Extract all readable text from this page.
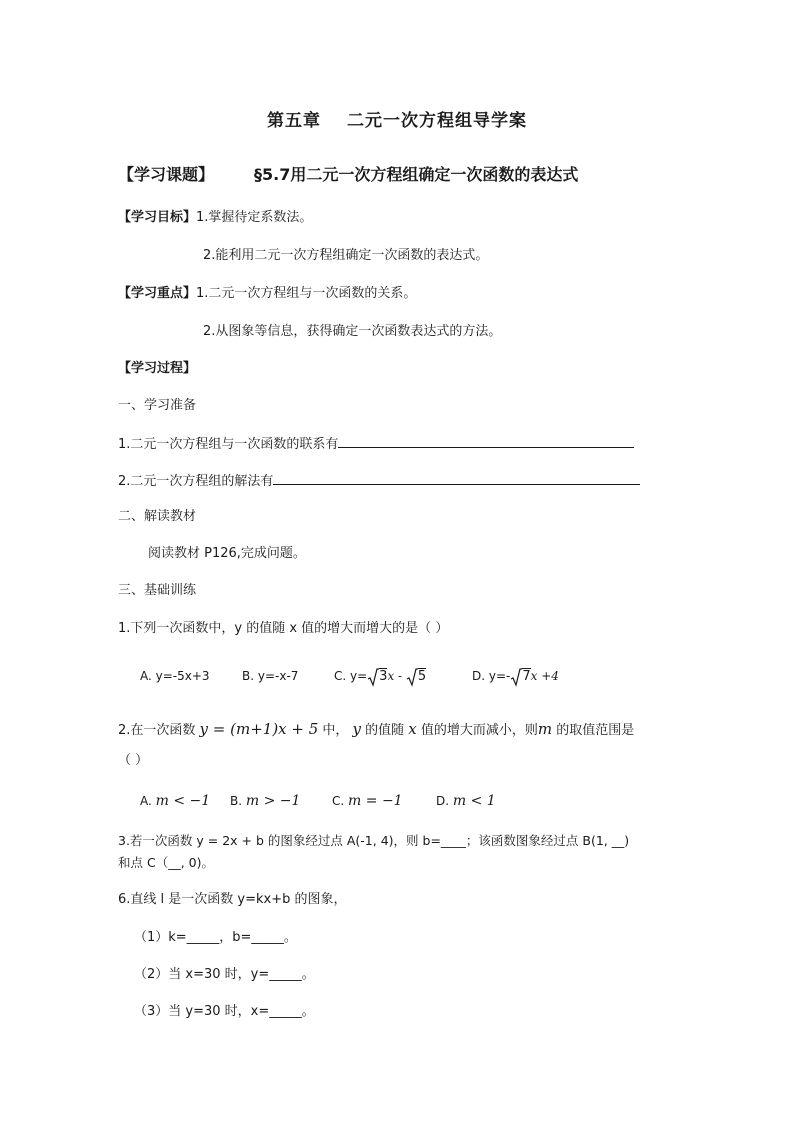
第五章 二元一次方程组导学案
【学习课题】	§5.7用二元一次方程组确定一次函数的表达式
【学习目标】1.掌握待定系数法。
2.能利用二元一次方程组确定一次函数的表达式。
【学习重点】1.二元一次方程组与一次函数的关系。
2.从图象等信息，获得确定一次函数表达式的方法。
【学习过程】
一、学习准备
1.二元一次方程组与一次函数的联系有
2.二元一次方程组的解法有
二、解读教材
阅读教材 P126,完成问题。
三、基础训练
1.下列一次函数中，y 的值随 x 值的增大而增大的是（ ）
A. y=-5x+3	B. y=-x-7	C. y= 3x - 5	D. y=- 7x +4
2.在一次函数 y = (m+1)x + 5 中， y 的值随 x 值的增大而减小，则m 的取值范围是
（ ）
A. m < −1 B. m > −1	C. m = −1	D. m < 1
3.若一次函数 y = 2x + b 的图象经过点 A(-1, 4)，则 b=____；该函数图象经过点 B(1, __)
和点 C（__, 0)。
6.直线 l 是一次函数 y=kx+b 的图象，
（1）k=_____，b=_____。
（2）当 x=30 时，y=_____。
（3）当 y=30 时，x=_____。
